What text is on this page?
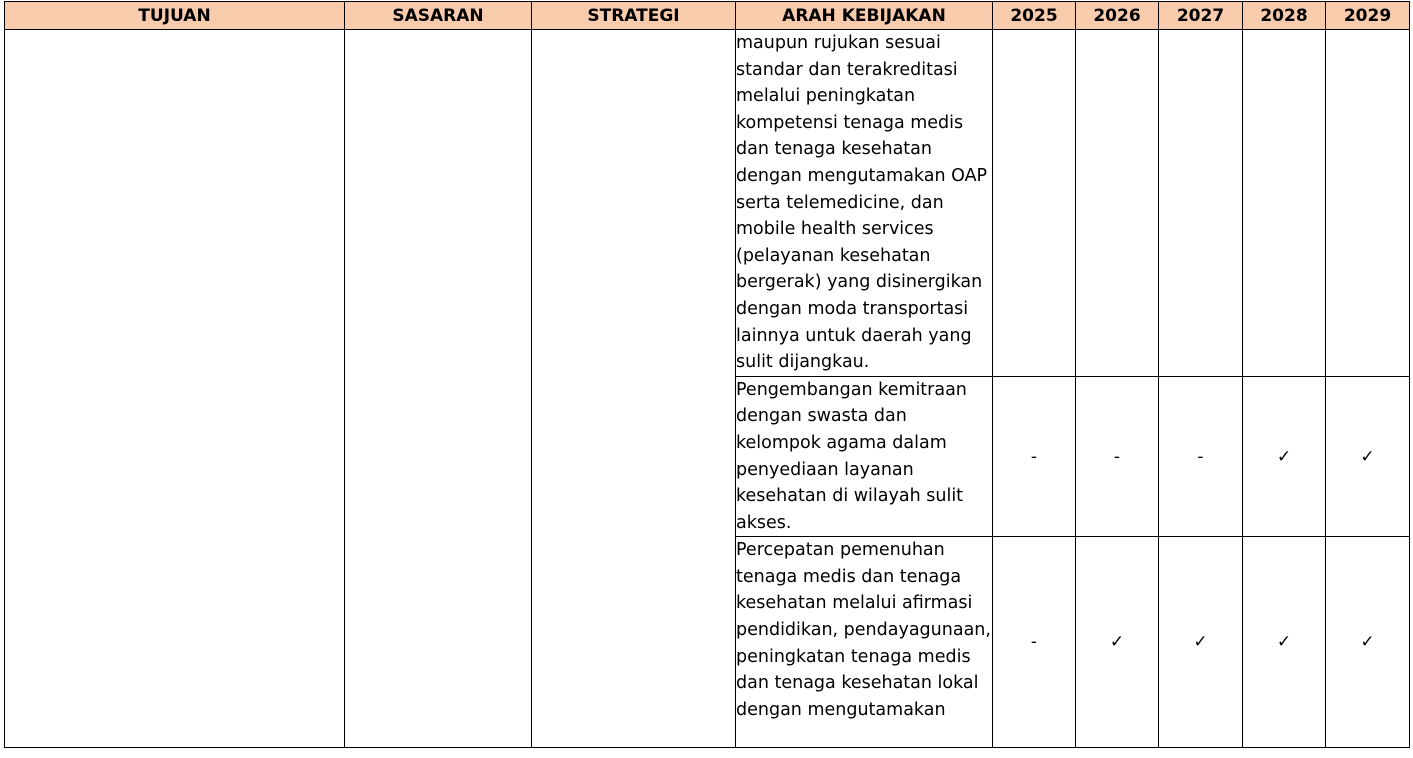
TUJUAN	SASARAN	STRATEGI	ARAH KEBIJAKAN	2025	2026	2027	2028	2029
			maupun rujukan sesuai standar dan terakreditasi melalui peningkatan kompetensi tenaga medis dan tenaga kesehatan dengan mengutamakan OAP serta telemedicine, dan mobile health services (pelayanan kesehatan bergerak) yang disinergikan dengan moda transportasi lainnya untuk daerah yang sulit dijangkau.					
			Pengembangan kemitraan dengan swasta dan kelompok agama dalam penyediaan layanan kesehatan di wilayah sulit akses.	-	-	-	✓	✓
			Percepatan pemenuhan tenaga medis dan tenaga kesehatan melalui afirmasi pendidikan, pendayagunaan, peningkatan tenaga medis dan tenaga kesehatan lokal dengan mengutamakan	-	✓	✓	✓	✓
